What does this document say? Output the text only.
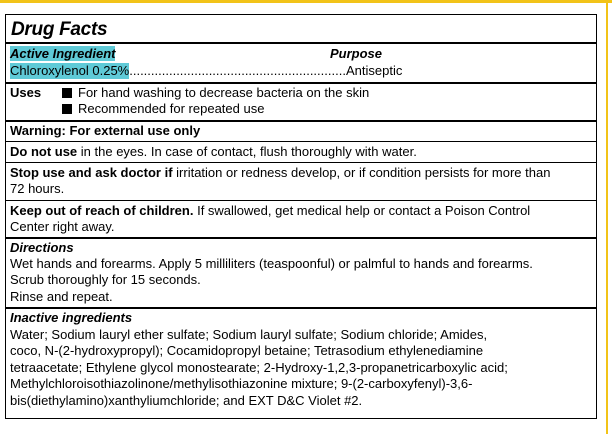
Drug Facts
Active Ingredient	Purpose
Chloroxylenol 0.25%
.....	Antiseptic
Uses	For hand washing to decrease bacteria on the skin
Recommended for repeated use
Warning: For external use only
Do not use in the eyes. In case of contact, flush thoroughly with water.
Stop use and ask doctor if irritation or redness develop, or if condition persists for more than
72 hours.
Keep out of reach of children. If swallowed, get medical help or contact a Poison Control
Center right away.
Directions
Wet hands and forearms. Apply 5 milliliters (teaspoonful) or palmful to hands and forearms.
Scrub thoroughly for 15 seconds.
Rinse and repeat.
Inactive ingredients
Water; Sodium lauryl ether sulfate; Sodium lauryl sulfate; Sodium chloride; Amides,
coco, N-(2-hydroxypropyl); Cocamidopropyl betaine; Tetrasodium ethylenediamine
tetraacetate; Ethylene glycol monostearate; 2-Hydroxy-1,2,3-propanetricarboxylic acid;
Methylchloroisothiazolinone/methylisothiazonine mixture; 9-(2-carboxyfenyl)-3,6-
bis(diethylamino)xanthyliumchloride; and EXT D&C Violet #2.
